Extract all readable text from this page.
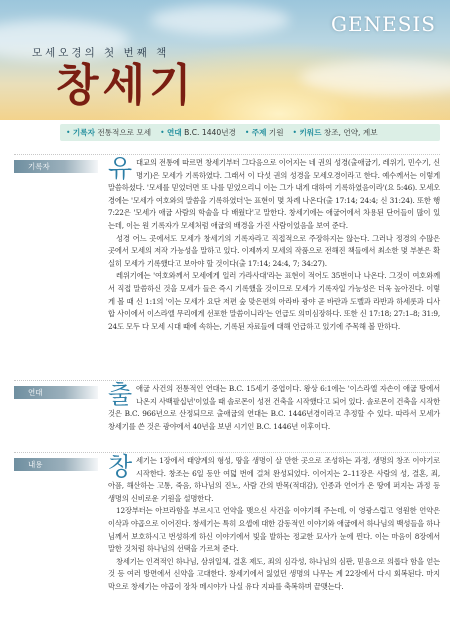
GENESIS
모세오경의 첫 번째 책
창세기
• 기록자 전통적으로 모세 • 연대 B.C. 1440년경 • 주제 기원 • 키워드 창조, 언약, 계보
기록자	유대교의 전통에 따르면 창세기부터 그다음으로 이어지는 네 권의 성경(출애굽기, 레위기, 민수기, 신명기)은 모세가 기록하였다. 그래서 이 다섯 권의 성경을 모세오경이라고 한다. 예수께서는 이렇게 말씀하셨다. '모세를 믿었더면 또 나를 믿었으리니 이는 그가 내게 대하여 기록하였음이라'(요 5:46). 모세오경에는 '모세가 여호와의 말씀을 기록하였더'는 표현이 몇 차례 나온다(출 17:14; 24:4; 신 31:24). 또한 행 7:22은 '모세가 애굽 사람의 학술을 다 배웠다'고 말한다. 창세기에는 애굽어에서 차용된 단어들이 많이 있는데, 이는 원 기록자가 모세처럼 애굽의 배경을 가진 사람이었음을 보여 준다.

성경 어느 곳에서도 모세가 창세기의 기록자라고 직접적으로 주장하지는 않는다. 그러나 정경의 수많은 곳에서 모세의 저작 가능성을 말하고 있다. 이제까지 모세의 작품으로 전해진 책들에서 최소한 몇 부분은 확실히 모세가 기록했다고 보아야 할 것이다(출 17:14; 24:4, 7; 34:27).

레위기에는 '여호와께서 모세에게 일러 가라사대'라는 표현이 적어도 35번이나 나온다. 그것이 여호와께서 직접 말씀하신 것을 모세가 들은 즉시 기록했을 것이므로 모세가 기록자일 가능성은 더욱 높아진다. 이렇게 볼 때 신 1:1의 '이는 모세가 요단 저편 숲 맞은편의 아라바 광야 곧 바란과 도벨과 라반과 하세롯과 디사합 사이에서 이스라엘 무리에게 선포한 말씀이니라'는 언급도 의미심장하다. 또한 신 17:18; 27:1–8; 31:9, 24도 모두 다 모세 시대 때에 속하는, 기록된 자료들에 대해 언급하고 있기에 주목해 볼 만하다.

연대	출애굽 사건의 전통적인 연대는 B.C. 15세기 중엽이다. 왕상 6:1에는 '이스라엘 자손이 애굽 땅에서 나온지 사백팔십년'이었을 때 솔로몬이 성전 건축을 시작했다고 되어 있다. 솔로몬이 건축을 시작한 것은 B.C. 966년으로 산정되므로 출애굽의 연대는 B.C. 1446년경이라고 추정할 수 있다. 따라서 모세가 창세기를 쓴 것은 광야에서 40년을 보낸 시기인 B.C. 1446년 이후이다.

내용	창세기는 1장에서 태양계의 형성, 땅을 생명이 살 만한 곳으로 조성하는 과정, 생명의 창조 이야기로 시작한다. 창조는 6일 동안 여덟 번에 걸쳐 완성되었다. 이어지는 2–11장은 사람의 성, 결혼, 죄, 아픔, 해산하는 고통, 죽음, 하나님의 진노, 사람 간의 반목(적대감), 인종과 언어가 온 땅에 퍼지는 과정 등 생명의 신비로운 기원을 설명한다.

12장부터는 아브라함을 부르시고 언약을 맺으신 사건을 이야기해 주는데, 이 영광스럽고 영원한 언약은 이삭과 야곱으로 이어진다. 창세기는 특히 요셉에 대한 감동적인 이야기와 애굽에서 하나님의 백성들을 하나님께서 보호하시고 번성하게 하신 이야기에서 빛을 발하는 정교한 묘사가 눈에 띈다. 이는 마음이 8장에서 말한 것처럼 하나님의 선택을 가르쳐 준다.

창세기는 인격적인 하나님, 삼위일체, 결혼 제도, 죄의 심각성, 하나님의 심판, 믿음으로 의롭다 함을 얻는 것 등 여러 방면에서 신약을 고대한다. 창세기에서 잃었던 생명의 나무는 계 22장에서 다시 회복된다. 마지막으로 창세기는 야곱이 장차 메시야가 나실 유다 지파를 축복하며 끝맺는다.
